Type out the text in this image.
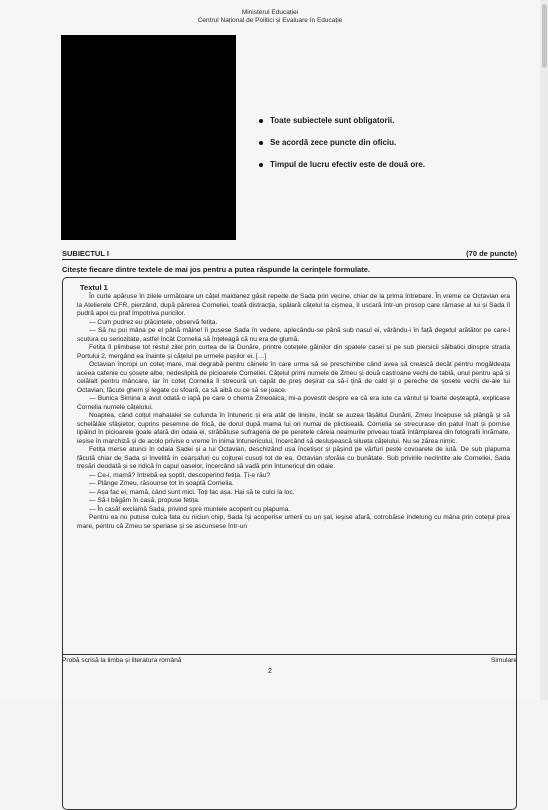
Ministerul Educației
Centrul Național de Politici și Evaluare în Educație
Toate subiectele sunt obligatorii.
Se acordă zece puncte din oficiu.
Timpul de lucru efectiv este de două ore.
SUBIECTUL I	(70 de puncte)
Citește fiecare dintre textele de mai jos pentru a putea răspunde la cerințele formulate.
Textul 1

În curte apăruse în zilele următoare un cățel maidanez găsit repede de Sada prin vecine, chiar de la prima întrebare. În vreme ce Octavian era la Atelierele CFR, pierzând, după părerea Corneliei, toată distracția, spălară cățelul la cișmea, îl uscară într-un prosop care rămase al lui și Sada îl pudră apoi cu praf împotriva puricilor.

— Cum pudrez eu plăcintele, observă fetița.

— Să nu pui mâna pe el până mâine! îi pusese Sada în vedere, aplecându-se până sub nasul ei, vârându-i în față degetul arătător pe care-l scutura cu seriozitate, astfel încât Cornelia să înțeleagă că nu era de glumă.

Fetița îl plimbase tot restul zilei prin curtea de la Dunăre, printre cotețele găinilor din spatele casei și pe sub piersicii sălbatici dinspre strada Portului 2, mergând ea înainte și cățelul pe urmele pașilor ei. […]

Octavian încropi un coteț mare, mai degrabă pentru câinele în care urma să se preschimbe când avea să crească decât pentru mogâldeața aceea cafenie cu șosete albe, nedeslipită de picioarele Corneliei. Cățelul primi numele de Zmeu și două castroane vechi de tablă, unul pentru apă și celălalt pentru mâncare, iar în coteț Cornelia îi strecură un capăt de preș deșirat ca să-i țină de cald și o pereche de șosete vechi de-ale lui Octavian, făcute ghem și legate cu sfoară, ca să aibă cu ce să se joace.

— Bunica Simina a avut odată o iapă pe care o chema Zmeoaica, mi-a povestit despre ea că era iute ca vântul și foarte deșteaptă, explicase Cornelia numele cățelului.

Noaptea, când colțul mahalalei se cufunda în întuneric și era atât de liniște, încât se auzea fâșâitul Dunării, Zmeu începuse să plângă și să schelălăie sfâșietor, cuprins pesemne de frică, de dorul după mama lui ori numai de plictiseală. Cornelia se strecurase din patul înalt și pornise lipăind în picioarele goale afară din odaia ei, străbătuse sufrageria de pe peretele căreia neamurile priveau toată întâmplarea din fotografii înrămate, ieșise în marchiză și de acolo privise o vreme în inima întunericului, încercând să deslușească silueta cățelului. Nu se zărea nimic.

Fetița merse atunci în odaia Sadei și a lui Octavian, deschizând ușa încetișor și pășind pe vârfuri peste covoarele de iută. De sub plapuma făcută chiar de Sada și învelită în cearșafuri cu cojturei cusuți tot de ea, Octavian sforăia cu bunătate. Sub privirile neclintite ale Corneliei, Sada tresări deodată și se ridică în capul oaselor, încercând să vadă prin întunericul din odaie.

— Ce-i, mamă? întrebă ea șoptit, descoperind fetița. Ți-e rău?

— Plânge Zmeu, răsounse tot în șoaptă Cornelia.

— Așa fac ei, mamă, când sunt mici. Toți fac așa. Hai să te culci la loc.

— Să-l băgăm în casă, propuse fetița.

— În casă! exclamă Sada, privind spre muntele acoperit cu plapuma.

Pentru ea nu putuse culca fata cu niciun chip, Sada își acoperise umerii cu un șal, ieșise afară, cotrobăise îndelung cu mâna prin cotețul prea mare, pentru că Zmeu se speriase și se ascunsese într-un

Probă scrisă la limba și literatura română	Simulare
2
